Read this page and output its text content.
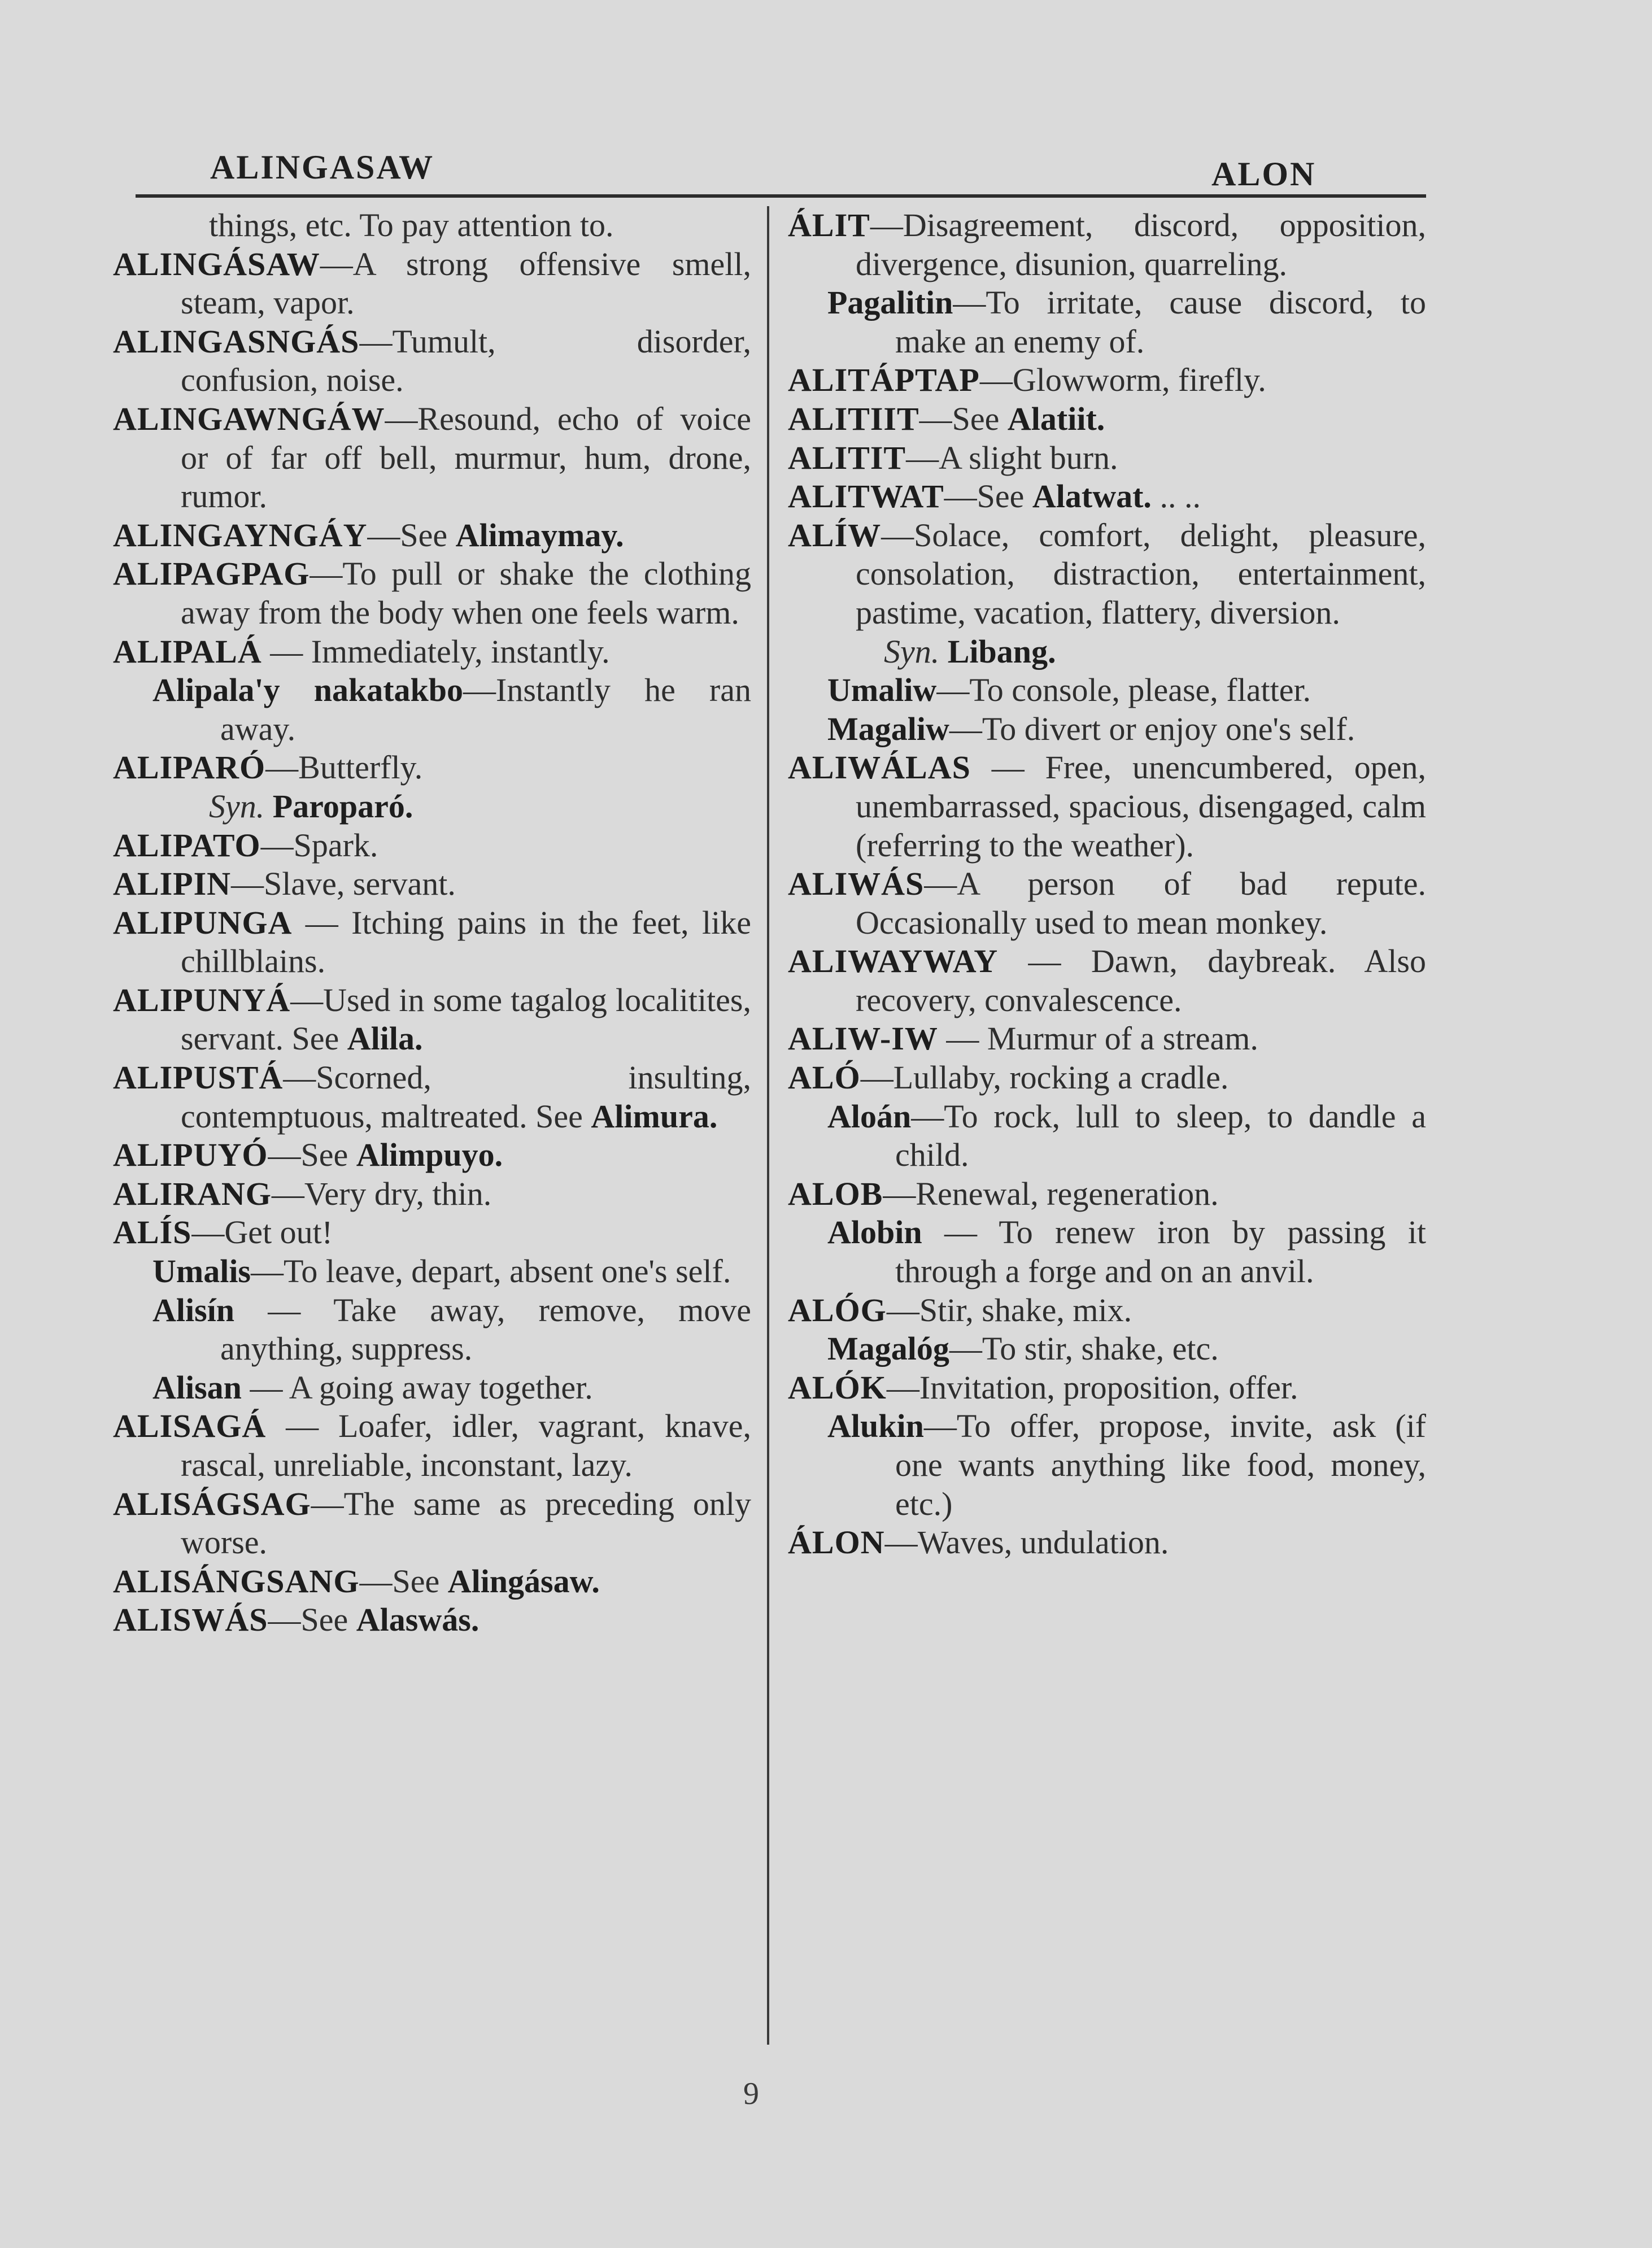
ALINGASAW	ALON
things, etc. To pay attention to.
ALINGÁSAW—A strong offensive smell, steam, vapor.
ALINGASNGÁS—Tumult, disorder, confusion, noise.
ALINGAWNGÁW—Resound, echo of voice or of far off bell, murmur, hum, drone, rumor.
ALINGAYNGÁY—See Alimaymay.
ALIPAGPAG—To pull or shake the clothing away from the body when one feels warm.
ALIPALÁ — Immediately, instantly.
Alipala'y nakatakbo—Instantly he ran away.
ALIPARÓ—Butterfly.
Syn. Paroparó.
ALIPATO—Spark.
ALIPIN—Slave, servant.
ALIPUNGA — Itching pains in the feet, like chillblains.
ALIPUNYÁ—Used in some tagalog localitites, servant. See Alila.
ALIPUSTÁ—Scorned, insulting, contemptuous, maltreated. See Alimura.
ALIPUYÓ—See Alimpuyo.
ALIRANG—Very dry, thin.
ALÍS—Get out!
Umalis—To leave, depart, absent one's self.
Alisín — Take away, remove, move anything, suppress.
Alisan — A going away together.
ALISAGÁ — Loafer, idler, vagrant, knave, rascal, unreliable, inconstant, lazy.
ALISÁGSAG—The same as preceding only worse.
ALISÁNGSANG—See Alingásaw.
ALISWÁS—See Alaswás.
ÁLIT—Disagreement, discord, opposition, divergence, disunion, quarreling.
Pagalitin—To irritate, cause discord, to make an enemy of.
ALITÁPTAP—Glowworm, firefly.
ALITIIT—See Alatiit.
ALITIT—A slight burn.
ALITWAT—See Alatwat. .. ..
ALÍW—Solace, comfort, delight, pleasure, consolation, distraction, entertainment, pastime, vacation, flattery, diversion.
Syn. Libang.
Umaliw—To console, please, flatter.
Magaliw—To divert or enjoy one's self.
ALIWÁLAS — Free, unencumbered, open, unembarrassed, spacious, disengaged, calm (referring to the weather).
ALIWÁS—A person of bad repute. Occasionally used to mean monkey.
ALIWAYWAY — Dawn, daybreak. Also recovery, convalescence.
ALIW-IW — Murmur of a stream.
ALÓ—Lullaby, rocking a cradle.
Aloán—To rock, lull to sleep, to dandle a child.
ALOB—Renewal, regeneration.
Alobin — To renew iron by passing it through a forge and on an anvil.
ALÓG—Stir, shake, mix.
Magalóg—To stir, shake, etc.
ALÓK—Invitation, proposition, offer.
Alukin—To offer, propose, invite, ask (if one wants anything like food, money, etc.)
ÁLON—Waves, undulation.
9
